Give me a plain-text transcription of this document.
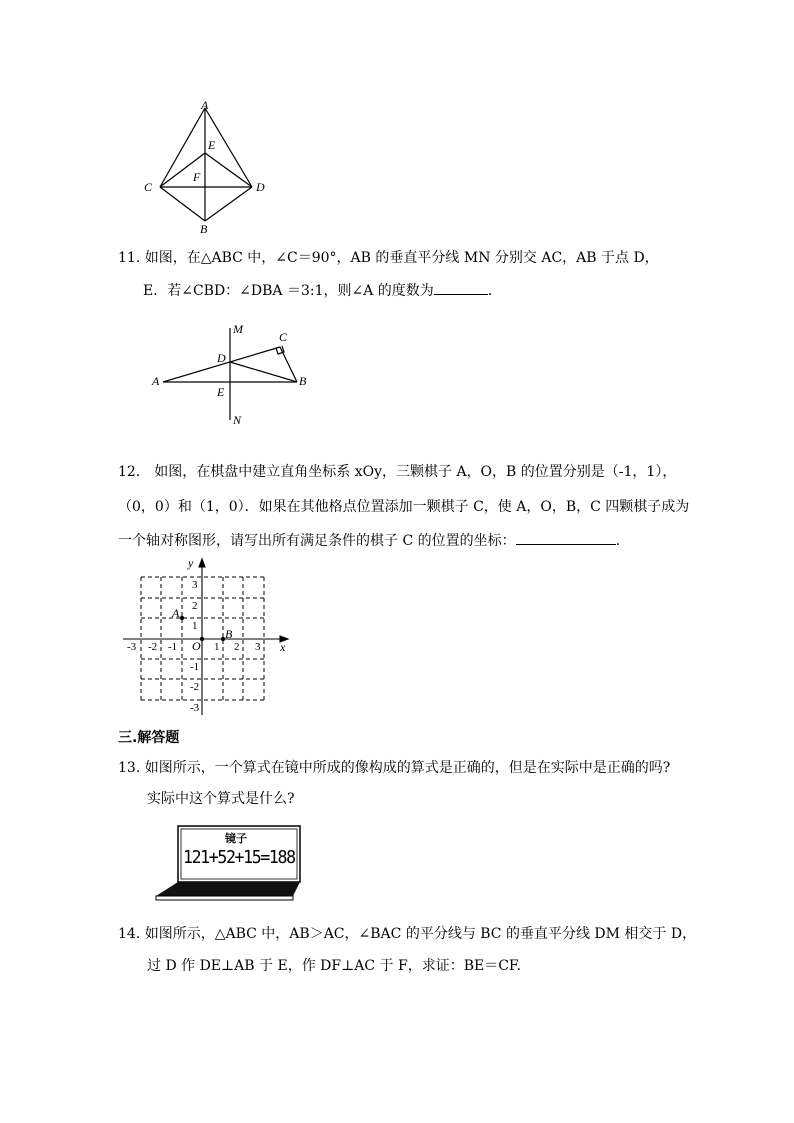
A
E
F
C	D
B
11. 如图，在△ABC 中，∠C＝90°，AB 的垂直平分线 MN 分别交 AC，AB 于点 D，
E．若∠CBD：∠DBA ＝3:1，则∠A 的度数为	．
M
C
D
A	B
E
N
12． 如图，在棋盘中建立直角坐标系 xOy，三颗棋子 A，O，B 的位置分别是（-1，1），
（0，0）和（1，0）．如果在其他格点位置添加一颗棋子 C，使 A，O，B，C 四颗棋子成为
一个轴对称图形，请写出所有满足条件的棋子 C 的位置的坐标：	.
y
x
O
A
B
-3 -2 -1	1 2 3
3
2
1
-1
-2
-3
三.解答题
13. 如图所示，一个算式在镜中所成的像构成的算式是正确的，但是在实际中是正确的吗?
实际中这个算式是什么?
镜子
121+52+15=188
14. 如图所示，△ABC 中，AB＞AC，∠BAC 的平分线与 BC 的垂直平分线 DM 相交于 D，
过 D 作 DE⊥AB 于 E，作 DF⊥AC 于 F，求证：BE＝CF.
